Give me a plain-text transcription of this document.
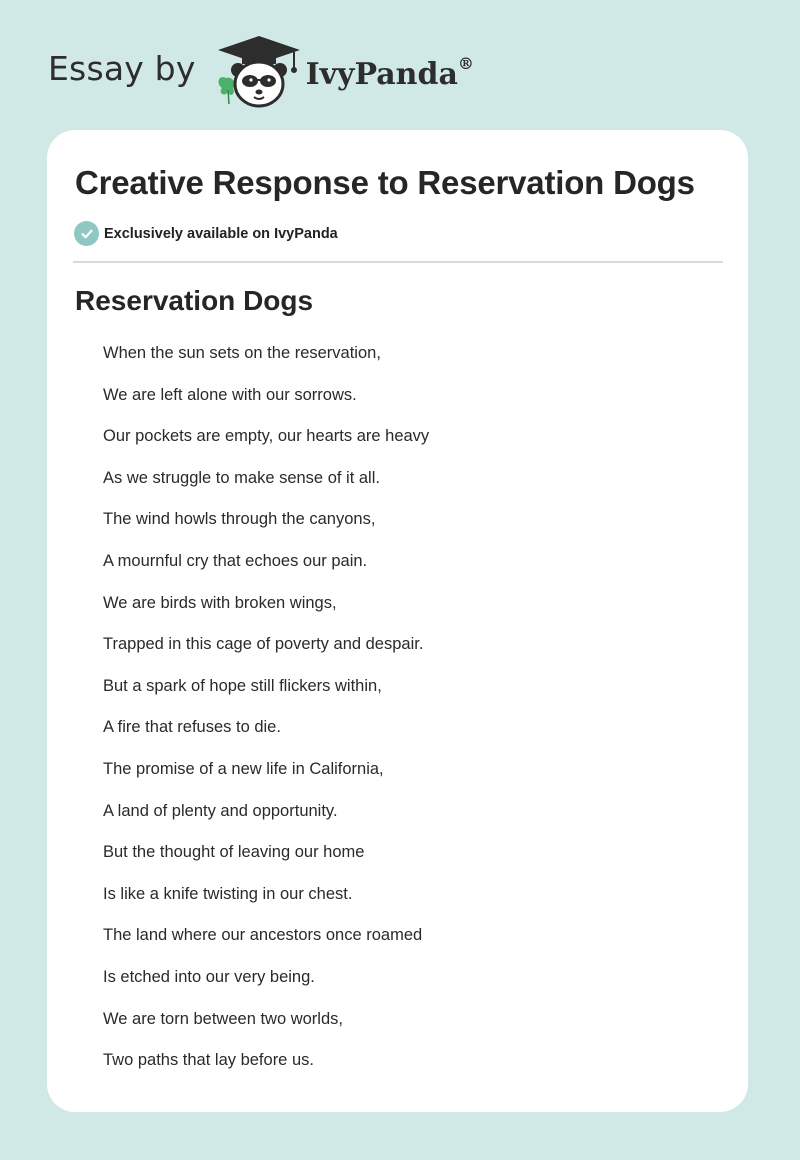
Essay by	IvyPanda®
Creative Response to Reservation Dogs
Exclusively available on IvyPanda
Reservation Dogs
When the sun sets on the reservation,
We are left alone with our sorrows.
Our pockets are empty, our hearts are heavy
As we struggle to make sense of it all.
The wind howls through the canyons,
A mournful cry that echoes our pain.
We are birds with broken wings,
Trapped in this cage of poverty and despair.
But a spark of hope still flickers within,
A fire that refuses to die.
The promise of a new life in California,
A land of plenty and opportunity.
But the thought of leaving our home
Is like a knife twisting in our chest.
The land where our ancestors once roamed
Is etched into our very being.
We are torn between two worlds,
Two paths that lay before us.
